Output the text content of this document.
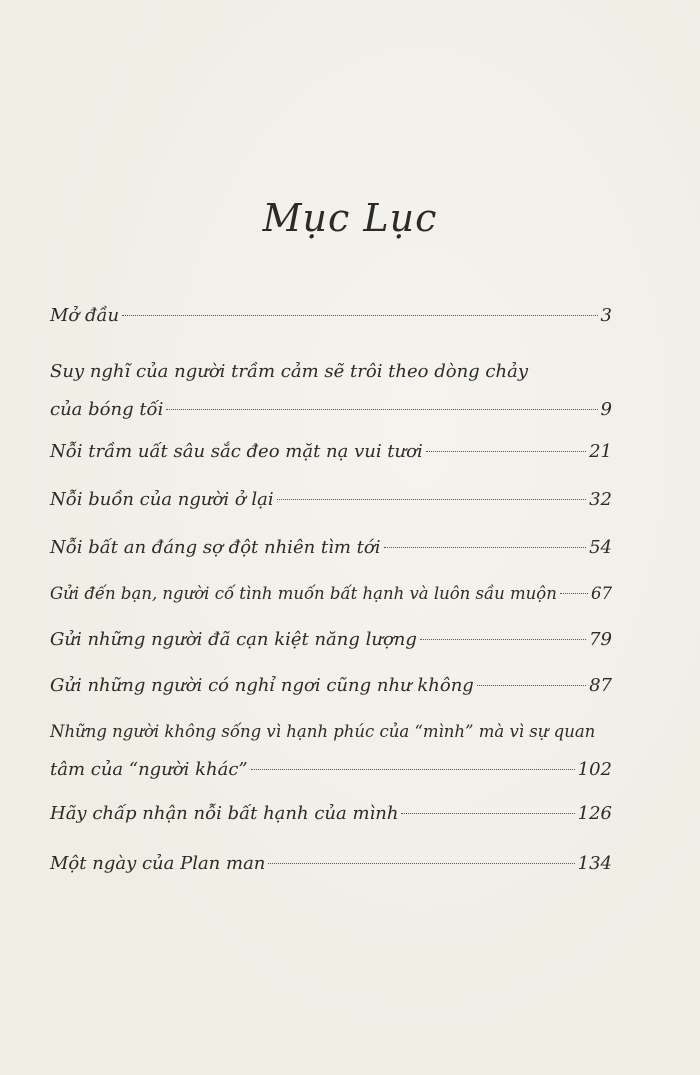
Mục Lục
Mở đầu	3
Suy nghĩ của người trầm cảm sẽ trôi theo dòng chảy
của bóng tối	9
Nỗi trầm uất sâu sắc đeo mặt nạ vui tươi	21
Nỗi buồn của người ở lại	32
Nỗi bất an đáng sợ đột nhiên tìm tới	54
Gửi đến bạn, người cố tình muốn bất hạnh và luôn sầu muộn 67
Gửi những người đã cạn kiệt năng lượng	79
Gửi những người có nghỉ ngơi cũng như không	87
Những người không sống vì hạnh phúc của “mình” mà vì sự quan
tâm của “người khác”	102
Hãy chấp nhận nỗi bất hạnh của mình	126
Một ngày của Plan man	134
